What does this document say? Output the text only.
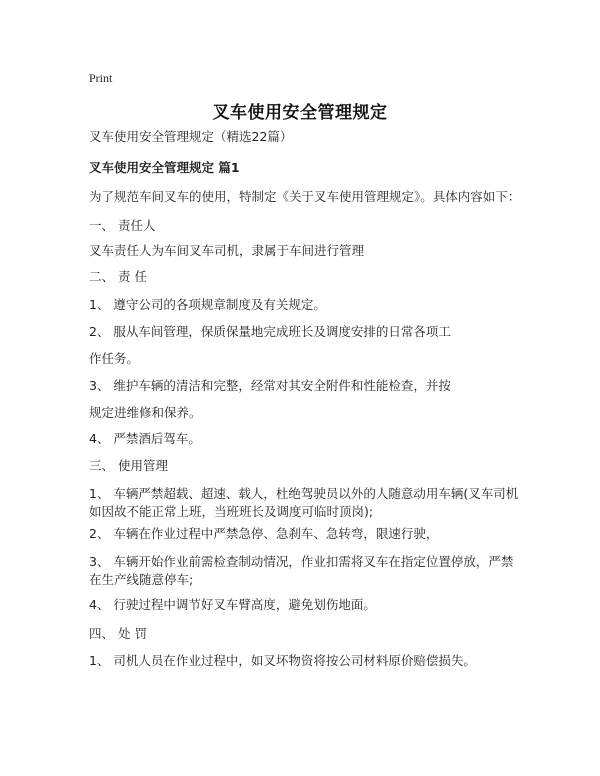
Print
叉车使用安全管理规定
叉车使用安全管理规定（精选22篇）
叉车使用安全管理规定 篇1
为了规范车间叉车的使用，特制定《关于叉车使用管理规定》。具体内容如下：
一、 责任人
叉车责任人为车间叉车司机，隶属于车间进行管理
二、 责 任
1、 遵守公司的各项规章制度及有关规定。
2、 服从车间管理，保质保量地完成班长及调度安排的日常各项工
作任务。
3、 维护车辆的清洁和完整，经常对其安全附件和性能检查，并按
规定进维修和保养。
4、 严禁酒后驾车。
三、 使用管理
1、 车辆严禁超载、超速、载人，杜绝驾驶员以外的人随意动用车辆(叉车司机如因故不能正常上班，当班班长及调度可临时顶岗);
2、 车辆在作业过程中严禁急停、急刹车、急转弯，限速行驶，
3、 车辆开始作业前需检查制动情况，作业扣需将叉车在指定位置停放，严禁在生产线随意停车;
4、 行驶过程中调节好叉车臂高度，避免划伤地面。
四、 处 罚
1、 司机人员在作业过程中，如叉坏物资将按公司材料原价赔偿损失。
